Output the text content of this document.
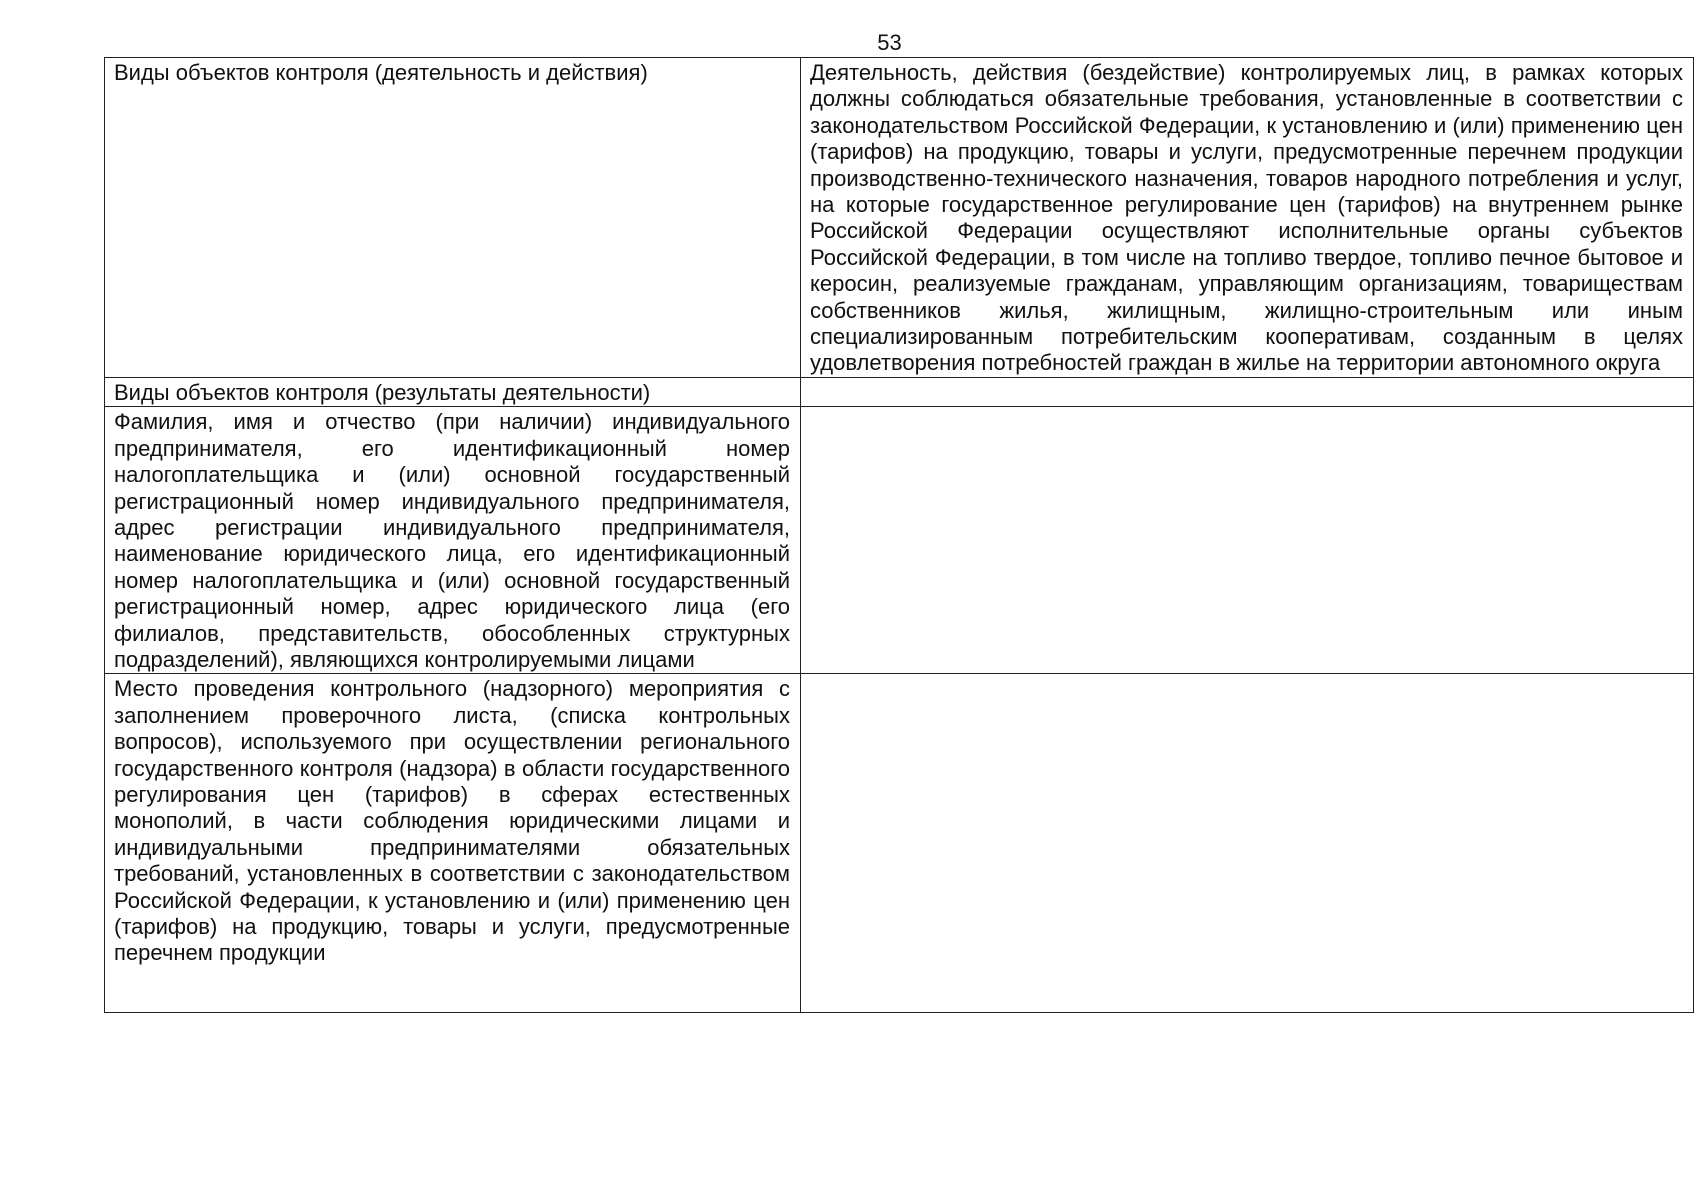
53
Виды объектов контроля (деятельность и действия)	Деятельность, действия (бездействие) контролируемых лиц, в рамках которых должны соблюдаться обязательные требования, установленные в соответствии с законодательством Российской Федерации, к установлению и (или) применению цен (тарифов) на продукцию, товары и услуги, предусмотренные перечнем продукции производственно-технического назначения, товаров народного потребления и услуг, на которые государственное регулирование цен (тарифов) на внутреннем рынке Российской Федерации осуществляют исполнительные органы субъектов Российской Федерации, в том числе на топливо твердое, топливо печное бытовое и керосин, реализуемые гражданам, управляющим организациям, товариществам собственников жилья, жилищным, жилищно-строительным или иным специализированным потребительским кооперативам, созданным в целях удовлетворения потребностей граждан в жилье на территории автономного округа
Виды объектов контроля (результаты деятельности)	
Фамилия, имя и отчество (при наличии) индивидуального предпринимателя, его идентификационный номер налогоплательщика и (или) основной государственный регистрационный номер индивидуального предпринимателя, адрес регистрации индивидуального предпринимателя, наименование юридического лица, его идентификационный номер налогоплательщика и (или) основной государственный регистрационный номер, адрес юридического лица (его филиалов, представительств, обособленных структурных подразделений), являющихся контролируемыми лицами	

Место проведения контрольного (надзорного) мероприятия с заполнением проверочного листа, (списка контрольных вопросов), используемого при осуществлении регионального государственного контроля (надзора) в области государственного регулирования цен (тарифов) в сферах естественных монополий, в части соблюдения юридическими лицами и индивидуальными предпринимателями обязательных требований, установленных в соответствии с законодательством Российской Федерации, к установлению и (или) применению цен (тарифов) на продукцию, товары и услуги, предусмотренные перечнем продукции	
